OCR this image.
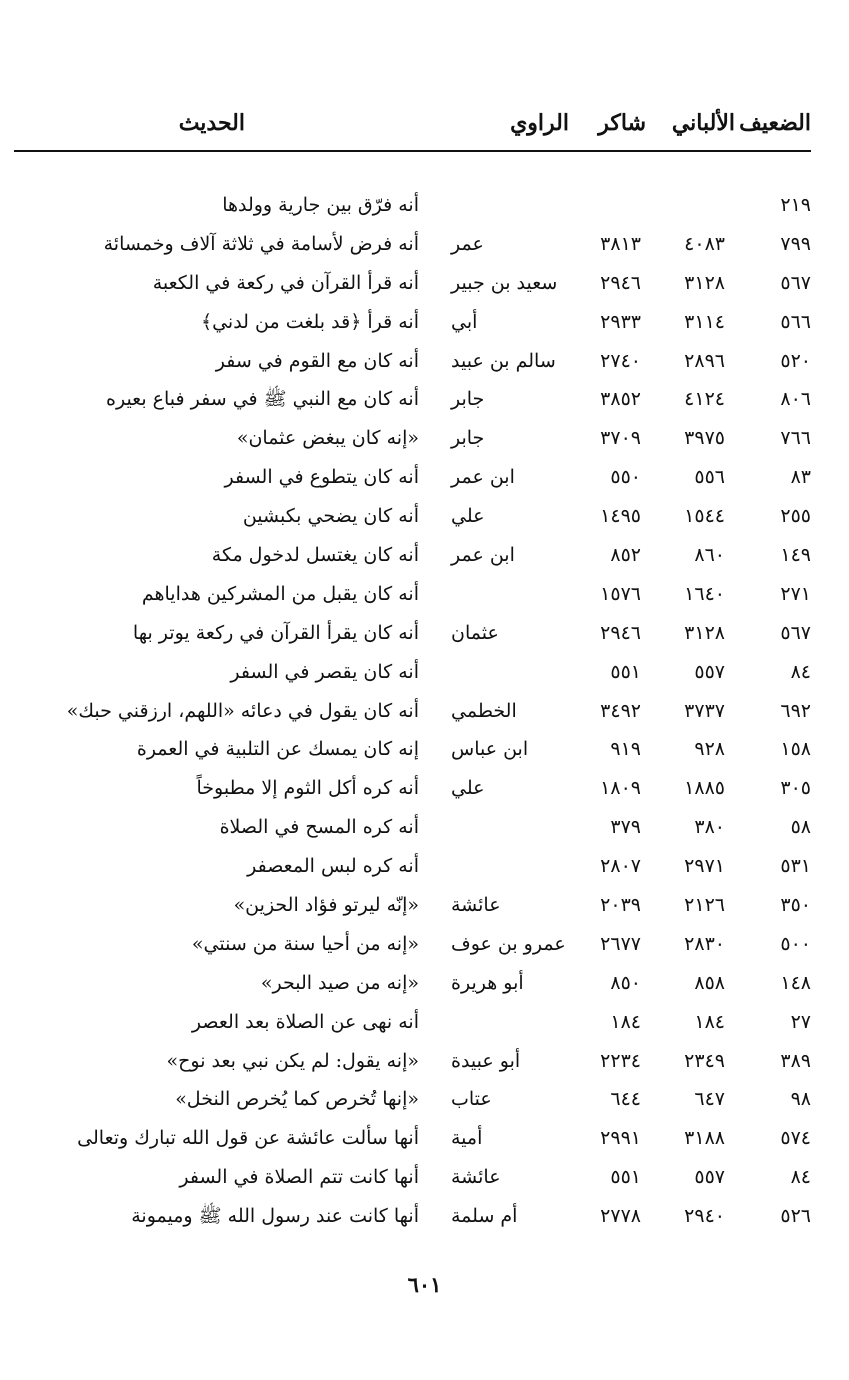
الضعيف
الألباني
شاكر
الراوي
الحديث
٢١٩
أنه فرّق بين جارية وولدها
٧٩٩
٤٠٨٣
٣٨١٣
عمر
أنه فرض لأسامة في ثلاثة آلاف وخمسائة
٥٦٧
٣١٢٨
٢٩٤٦
سعيد بن جبير
أنه قرأ القرآن في ركعة في الكعبة
٥٦٦
٣١١٤
٢٩٣٣
أبي
أنه قرأ ﴿قد بلغت من لدني﴾
٥٢٠
٢٨٩٦
٢٧٤٠
سالم بن عبيد
أنه كان مع القوم في سفر
٨٠٦
٤١٢٤
٣٨٥٢
جابر
أنه كان مع النبي ﷺ في سفر فباع بعيره
٧٦٦
٣٩٧٥
٣٧٠٩
جابر
«إنه كان يبغض عثمان»
٨٣
٥٥٦
٥٥٠
ابن عمر
أنه كان يتطوع في السفر
٢٥٥
١٥٤٤
١٤٩٥
علي
أنه كان يضحي بكبشين
١٤٩
٨٦٠
٨٥٢
ابن عمر
أنه كان يغتسل لدخول مكة
٢٧١
١٦٤٠
١٥٧٦
أنه كان يقبل من المشركين هداياهم
٥٦٧
٣١٢٨
٢٩٤٦
عثمان
أنه كان يقرأ القرآن في ركعة يوتر بها
٨٤
٥٥٧
٥٥١
أنه كان يقصر في السفر
٦٩٢
٣٧٣٧
٣٤٩٢
الخطمي
أنه كان يقول في دعائه «اللهم، ارزقني حبك»
١٥٨
٩٢٨
٩١٩
ابن عباس
إنه كان يمسك عن التلبية في العمرة
٣٠٥
١٨٨٥
١٨٠٩
علي
أنه كره أكل الثوم إلا مطبوخاً
٥٨
٣٨٠
٣٧٩
أنه كره المسح في الصلاة
٥٣١
٢٩٧١
٢٨٠٧
أنه كره لبس المعصفر
٣٥٠
٢١٢٦
٢٠٣٩
عائشة
«إنّه ليرتو فؤاد الحزين»
٥٠٠
٢٨٣٠
٢٦٧٧
عمرو بن عوف
«إنه من أحيا سنة من سنتي»
١٤٨
٨٥٨
٨٥٠
أبو هريرة
«إنه من صيد البحر»
٢٧
١٨٤
١٨٤
أنه نهى عن الصلاة بعد العصر
٣٨٩
٢٣٤٩
٢٢٣٤
أبو عبيدة
«إنه يقول: لم يكن نبي بعد نوح»
٩٨
٦٤٧
٦٤٤
عتاب
«إنها تُخرص كما يُخرص النخل»
٥٧٤
٣١٨٨
٢٩٩١
أمية
أنها سألت عائشة عن قول الله تبارك وتعالى
٨٤
٥٥٧
٥٥١
عائشة
أنها كانت تتم الصلاة في السفر
٥٢٦
٢٩٤٠
٢٧٧٨
أم سلمة
أنها كانت عند رسول الله ﷺ وميمونة
٦٠١
